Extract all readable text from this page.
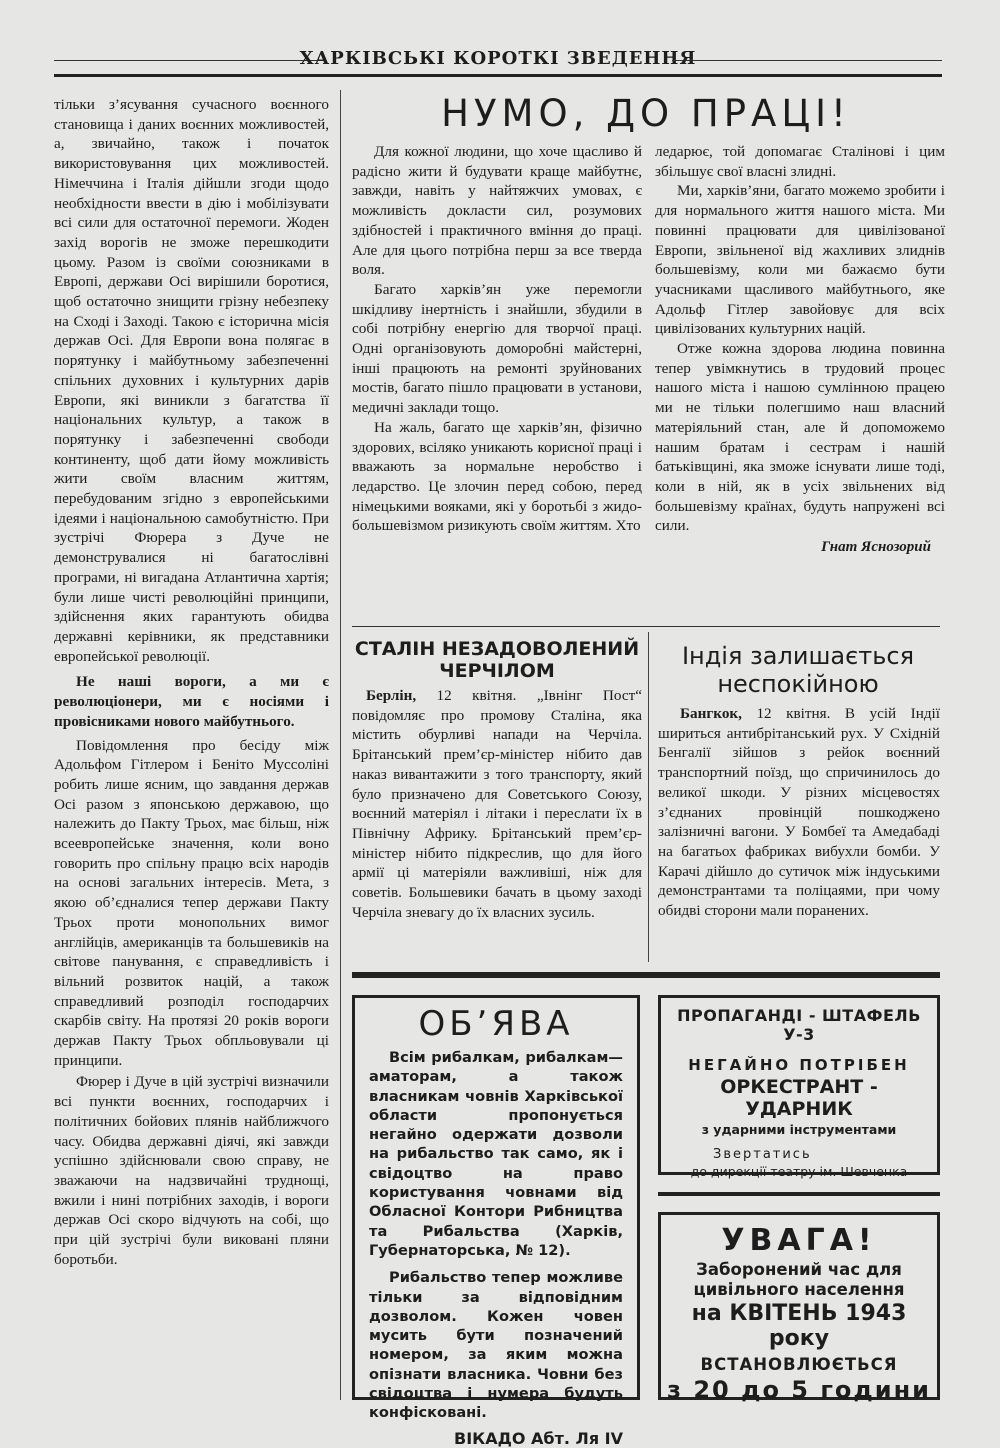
ХАРКІВСЬКІ КОРОТКІ ЗВЕДЕННЯ

тільки з’ясування сучасного воєнного становища і даних воєнних можливостей, а, звичайно, також і початок використовування цих можливостей. Німеччина і Італія дійшли згоди щодо необхідности ввести в дію і мобілізувати всі сили для остаточної перемоги. Жоден захід ворогів не зможе перешкодити цьому. Разом із своїми союзниками в Европі, держави Осі вирішили боротися, щоб остаточно знищити грізну небезпеку на Сході і Заході. Такою є історична місія держав Осі. Для Европи вона полягає в порятунку і майбутньому забезпеченні спільних духовних і культурних дарів Европи, які виникли з багатства її національних культур, а також в порятунку і забезпеченні свободи континенту, щоб дати йому можливість жити своїм власним життям, перебудованим згідно з европейськими ідеями і національною самобутністю. При зустрічі Фюрера з Дуче не демонструвалися ні багатослівні програми, ні вигадана Атлантична хартія; були лише чисті революційні принципи, здійснення яких гарантують обидва державні керівники, як представники европейської революції.

Не наші вороги, а ми є революціонери, ми є носіями і провісниками нового майбутнього.

Повідомлення про бесіду між Адольфом Гітлером і Беніто Муссоліні робить лише ясним, що завдання держав Осі разом з японською державою, що належить до Пакту Трьох, має більш, ніж всеевропейське значення, коли воно говорить про спільну працю всіх народів на основі загальних інтересів. Мета, з якою об’єдналися тепер держави Пакту Трьох проти монопольних вимог англійців, американців та большевиків на світове панування, є справедливість і вільний розвиток націй, а також справедливий розподіл господарчих скарбів світу. На протязі 20 років вороги держав Пакту Трьох обпльовували ці принципи.

Фюрер і Дуче в цій зустрічі визначили всі пункти воєнних, господарчих і політичних бойових плянів найближчого часу. Обидва державні діячі, які завжди успішно здійснювали свою справу, не зважаючи на надзвичайні труднощі, вжили і нині потрібних заходів, і вороги держав Осі скоро відчують на собі, що при цій зустрічі були виковані пляни боротьби.

НУМО, ДО ПРАЦІ!

Для кожної людини, що хоче щасливо й радісно жити й будувати краще майбутнє, завжди, навіть у найтяжчих умовах, є можливість докласти сил, розумових здібностей і практичного вміння до праці. Але для цього потрібна перш за все тверда воля.

Багато харків’ян уже перемогли шкідливу інертність і знайшли, збудили в собі потрібну енергію для творчої праці. Одні організовують доморобні майстерні, інші працюють на ремонті зруйнованих мостів, багато пішло працювати в установи, медичні заклади тощо.

На жаль, багато ще харків’ян, фізично здорових, всіляко уникають корисної праці і вважають за нормальне неробство і ледарство. Це злочин перед собою, перед німецькими вояками, які у боротьбі з жидо-большевізмом ризикують своїм життям. Хто

ледарює, той допомагає Сталінові і цим збільшує свої власні злидні.

Ми, харків’яни, багато можемо зробити і для нормального життя нашого міста. Ми повинні працювати для цивілізованої Европи, звільненої від жахливих злиднів большевізму, коли ми бажаємо бути учасниками щасливого майбутнього, яке Адольф Гітлер завойовує для всіх цивілізованих культурних націй.

Отже кожна здорова людина повинна тепер увімкнутись в трудовий процес нашого міста і нашою сумлінною працею ми не тільки полегшимо наш власний матеріяльний стан, але й допоможемо нашим братам і сестрам і нашій батьківщині, яка зможе існувати лише тоді, коли в ній, як в усіх звільнених від большевізму країнах, будуть напружені всі сили.

Гнат Яснозорий
СТАЛІН НЕЗАДОВОЛЕНИЙ ЧЕРЧІЛОМ

Берлін, 12 квітня. „Івнінг Пост“ повідомляє про промову Сталіна, яка містить обурливі напади на Черчіла. Брітанський прем’єр-міністер нібито дав наказ вивантажити з того транспорту, який було призначено для Советського Союзу, воєнний матеріял і літаки і переслати їх в Північну Африку. Брітанський прем’єр-міністер нібито підкреслив, що для його армії ці матеріяли важливіші, ніж для советів. Большевики бачать в цьому заході Черчіла зневагу до їх власних зусиль.

Індія залишається неспокійною

Бангкок, 12 квітня. В усій Індії шириться антибрітанський рух. У Східній Бенгалії зійшов з рейок воєнний транспортний поїзд, що спричинилось до великої шкоди. У різних місцевостях з’єднаних провінцій пошкоджено залізничні вагони. У Бомбеї та Амедабаді на багатьох фабриках вибухли бомби. У Карачі дійшло до сутичок між індуськими демонстрантами та поліцаями, при чому обидві сторони мали поранених.

ОБ’ЯВА

Всім рибалкам, рибалкам—аматорам, а також власникам човнів Харківської области пропонується негайно одержати дозволи на рибальство так само, як і свідоцтво на право користування човнами від Обласної Контори Рибництва та Рибальства (Харків, Губернаторська, № 12).

Рибальство тепер можливе тільки за відповідним дозволом. Кожен човен мусить бути позначений номером, за яким можна опізнати власника. Човни без свідоцтва і нумера будуть конфіскованi.

ВІКАДО Абт. Ля IV
ПРОПАГАНДІ - ШТАФЕЛЬ У-3
НЕГАЙНО ПОТРІБЕН
ОРКЕСТРАНТ - УДАРНИК
з ударними інструментами
Звертатись
до дирекції театру ім. Шевченка
УВАГА!
Заборонений час для
цивільного населення
на КВІТЕНЬ 1943 року
ВСТАНОВЛЮЄТЬСЯ
з 20 до 5 години
